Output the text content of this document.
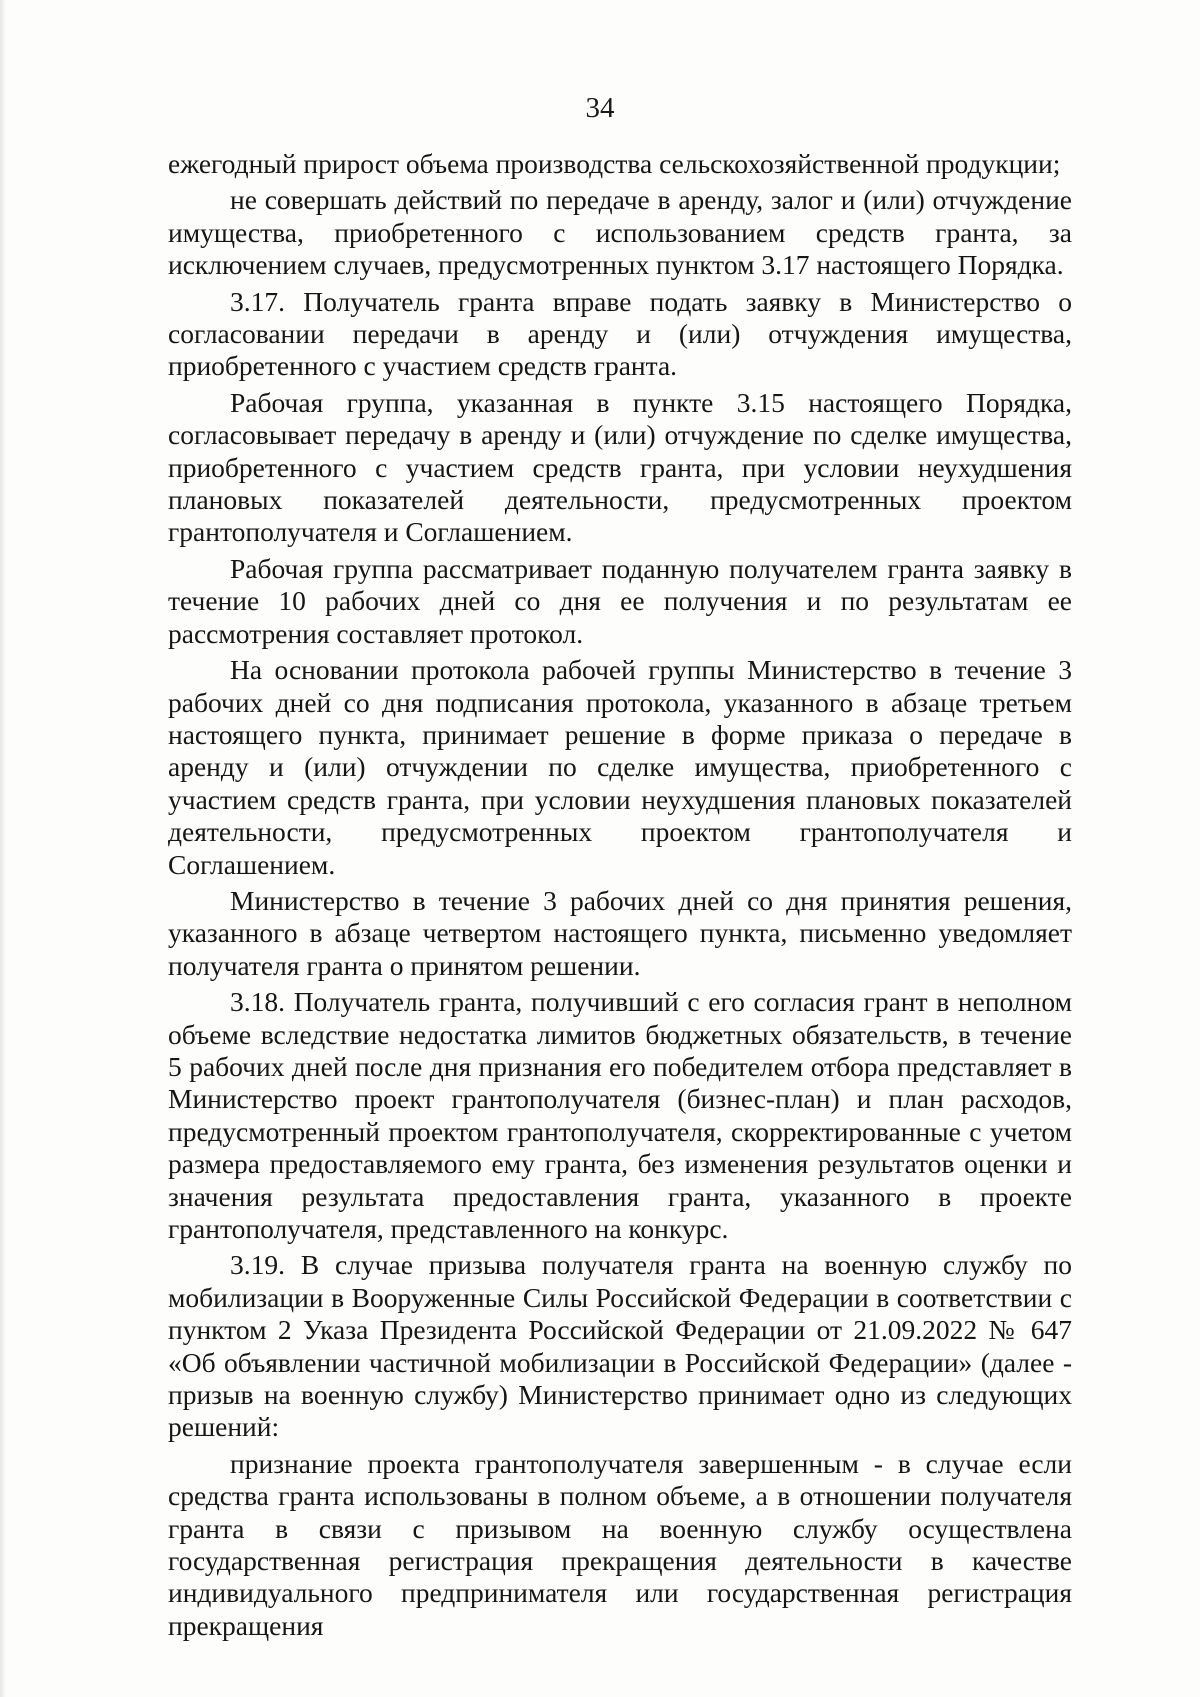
34

ежегодный прирост объема производства сельскохозяйственной продукции;

не совершать действий по передаче в аренду, залог и (или) отчуждение имущества, приобретенного с использованием средств гранта, за исключением случаев, предусмотренных пунктом 3.17 настоящего Порядка.

3.17. Получатель гранта вправе подать заявку в Министерство о согласовании передачи в аренду и (или) отчуждения имущества, приобретенного с участием средств гранта.

Рабочая группа, указанная в пункте 3.15 настоящего Порядка, согласовывает передачу в аренду и (или) отчуждение по сделке имущества, приобретенного с участием средств гранта, при условии неухудшения плановых показателей деятельности, предусмотренных проектом грантополучателя и Соглашением.

Рабочая группа рассматривает поданную получателем гранта заявку в течение 10 рабочих дней со дня ее получения и по результатам ее рассмотрения составляет протокол.

На основании протокола рабочей группы Министерство в течение 3 рабочих дней со дня подписания протокола, указанного в абзаце третьем настоящего пункта, принимает решение в форме приказа о передаче в аренду и (или) отчуждении по сделке имущества, приобретенного с участием средств гранта, при условии неухудшения плановых показателей деятельности, предусмотренных проектом грантополучателя и Соглашением.

Министерство в течение 3 рабочих дней со дня принятия решения, указанного в абзаце четвертом настоящего пункта, письменно уведомляет получателя гранта о принятом решении.

3.18. Получатель гранта, получивший с его согласия грант в неполном объеме вследствие недостатка лимитов бюджетных обязательств, в течение 5 рабочих дней после дня признания его победителем отбора представляет в Министерство проект грантополучателя (бизнес-план) и план расходов, предусмотренный проектом грантополучателя, скорректированные с учетом размера предоставляемого ему гранта, без изменения результатов оценки и значения результата предоставления гранта, указанного в проекте грантополучателя, представленного на конкурс.

3.19. В случае призыва получателя гранта на военную службу по мобилизации в Вооруженные Силы Российской Федерации в соответствии с пунктом 2 Указа Президента Российской Федерации от 21.09.2022 № 647 «Об объявлении частичной мобилизации в Российской Федерации» (далее - призыв на военную службу) Министерство принимает одно из следующих решений:

признание проекта грантополучателя завершенным - в случае если средства гранта использованы в полном объеме, а в отношении получателя гранта в связи с призывом на военную службу осуществлена государственная регистрация прекращения деятельности в качестве индивидуального предпринимателя или государственная регистрация прекращения
